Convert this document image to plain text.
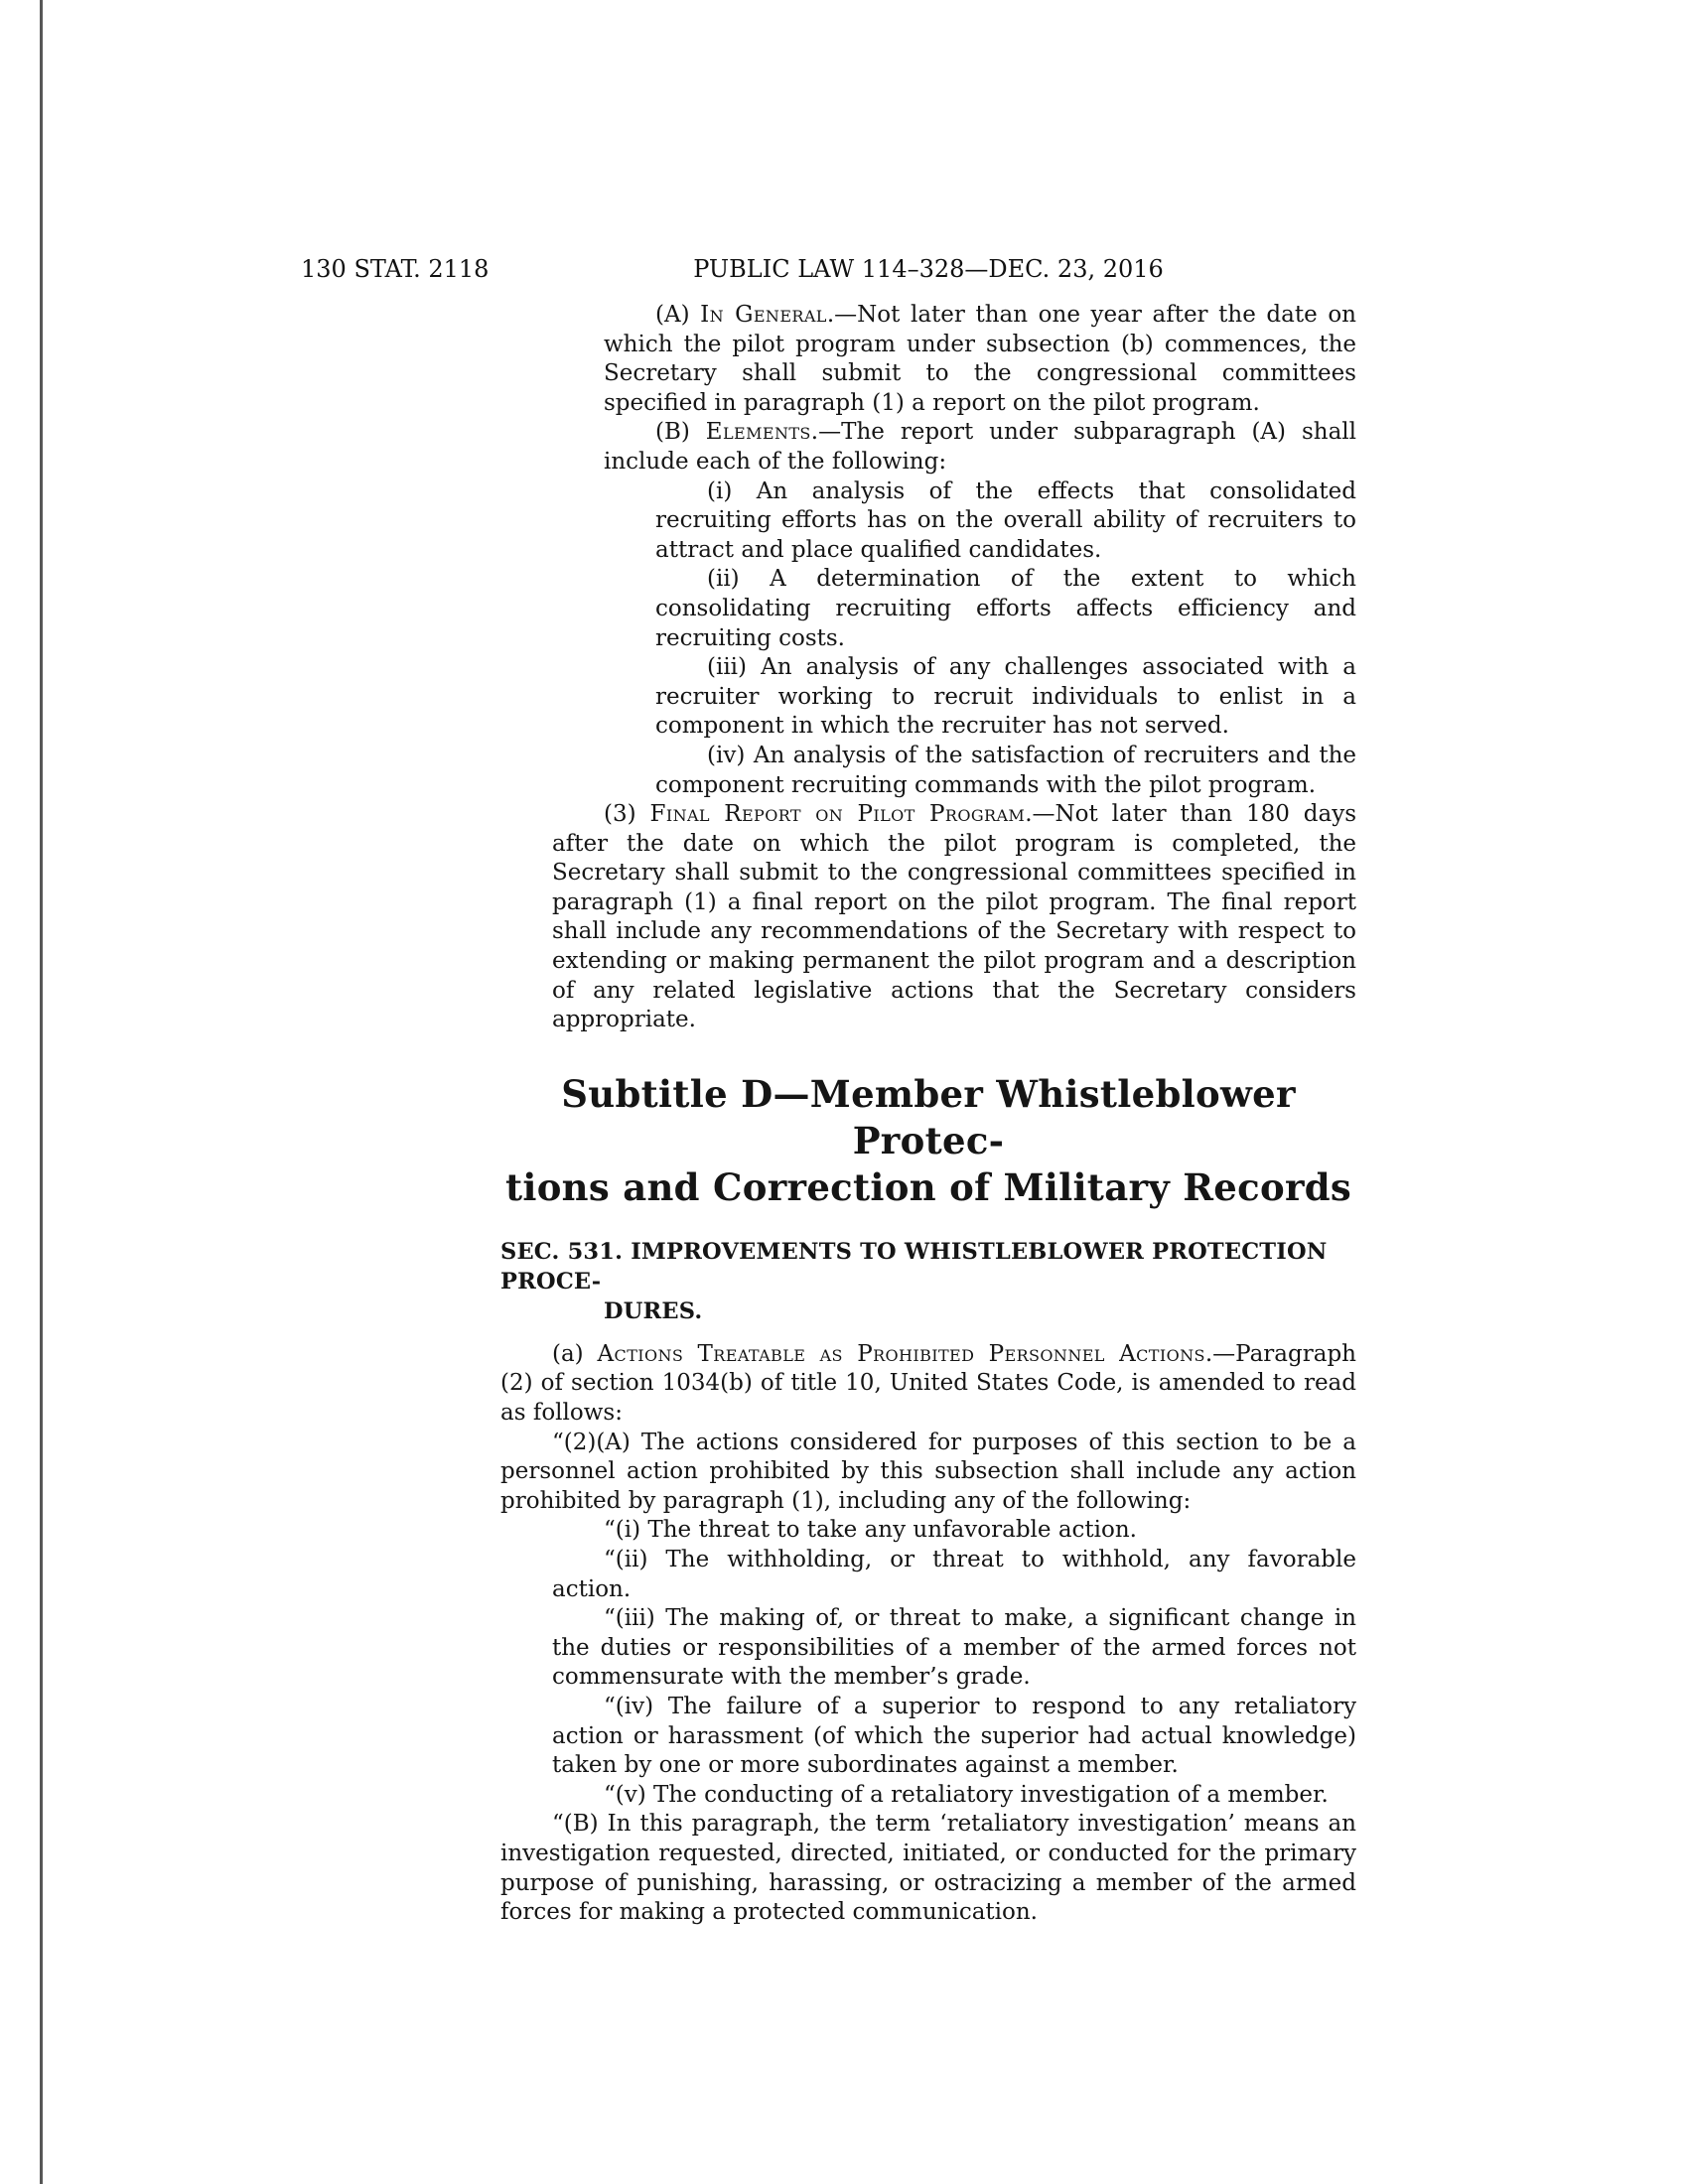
130 STAT. 2118	PUBLIC LAW 114–328—DEC. 23, 2016
(A) In General.—Not later than one year after the date on which the pilot program under subsection (b) commences, the Secretary shall submit to the congressional committees specified in paragraph (1) a report on the pilot program.
(B) Elements.—The report under subparagraph (A) shall include each of the following:
(i) An analysis of the effects that consolidated recruiting efforts has on the overall ability of recruiters to attract and place qualified candidates.
(ii) A determination of the extent to which consolidating recruiting efforts affects efficiency and recruiting costs.
(iii) An analysis of any challenges associated with a recruiter working to recruit individuals to enlist in a component in which the recruiter has not served.
(iv) An analysis of the satisfaction of recruiters and the component recruiting commands with the pilot program.
(3) Final Report on Pilot Program.—Not later than 180 days after the date on which the pilot program is completed, the Secretary shall submit to the congressional committees specified in paragraph (1) a final report on the pilot program. The final report shall include any recommendations of the Secretary with respect to extending or making permanent the pilot program and a description of any related legislative actions that the Secretary considers appropriate.
Subtitle D—Member Whistleblower Protec-
tions and Correction of Military Records
SEC. 531. IMPROVEMENTS TO WHISTLEBLOWER PROTECTION PROCE-
DURES.
(a) Actions Treatable as Prohibited Personnel Actions.—Paragraph (2) of section 1034(b) of title 10, United States Code, is amended to read as follows:
“(2)(A) The actions considered for purposes of this section to be a personnel action prohibited by this subsection shall include any action prohibited by paragraph (1), including any of the following:
“(i) The threat to take any unfavorable action.
“(ii) The withholding, or threat to withhold, any favorable action.
“(iii) The making of, or threat to make, a significant change in the duties or responsibilities of a member of the armed forces not commensurate with the member’s grade.
“(iv) The failure of a superior to respond to any retaliatory action or harassment (of which the superior had actual knowledge) taken by one or more subordinates against a member.
“(v) The conducting of a retaliatory investigation of a member.
“(B) In this paragraph, the term ‘retaliatory investigation’ means an investigation requested, directed, initiated, or conducted for the primary purpose of punishing, harassing, or ostracizing a member of the armed forces for making a protected communication.
